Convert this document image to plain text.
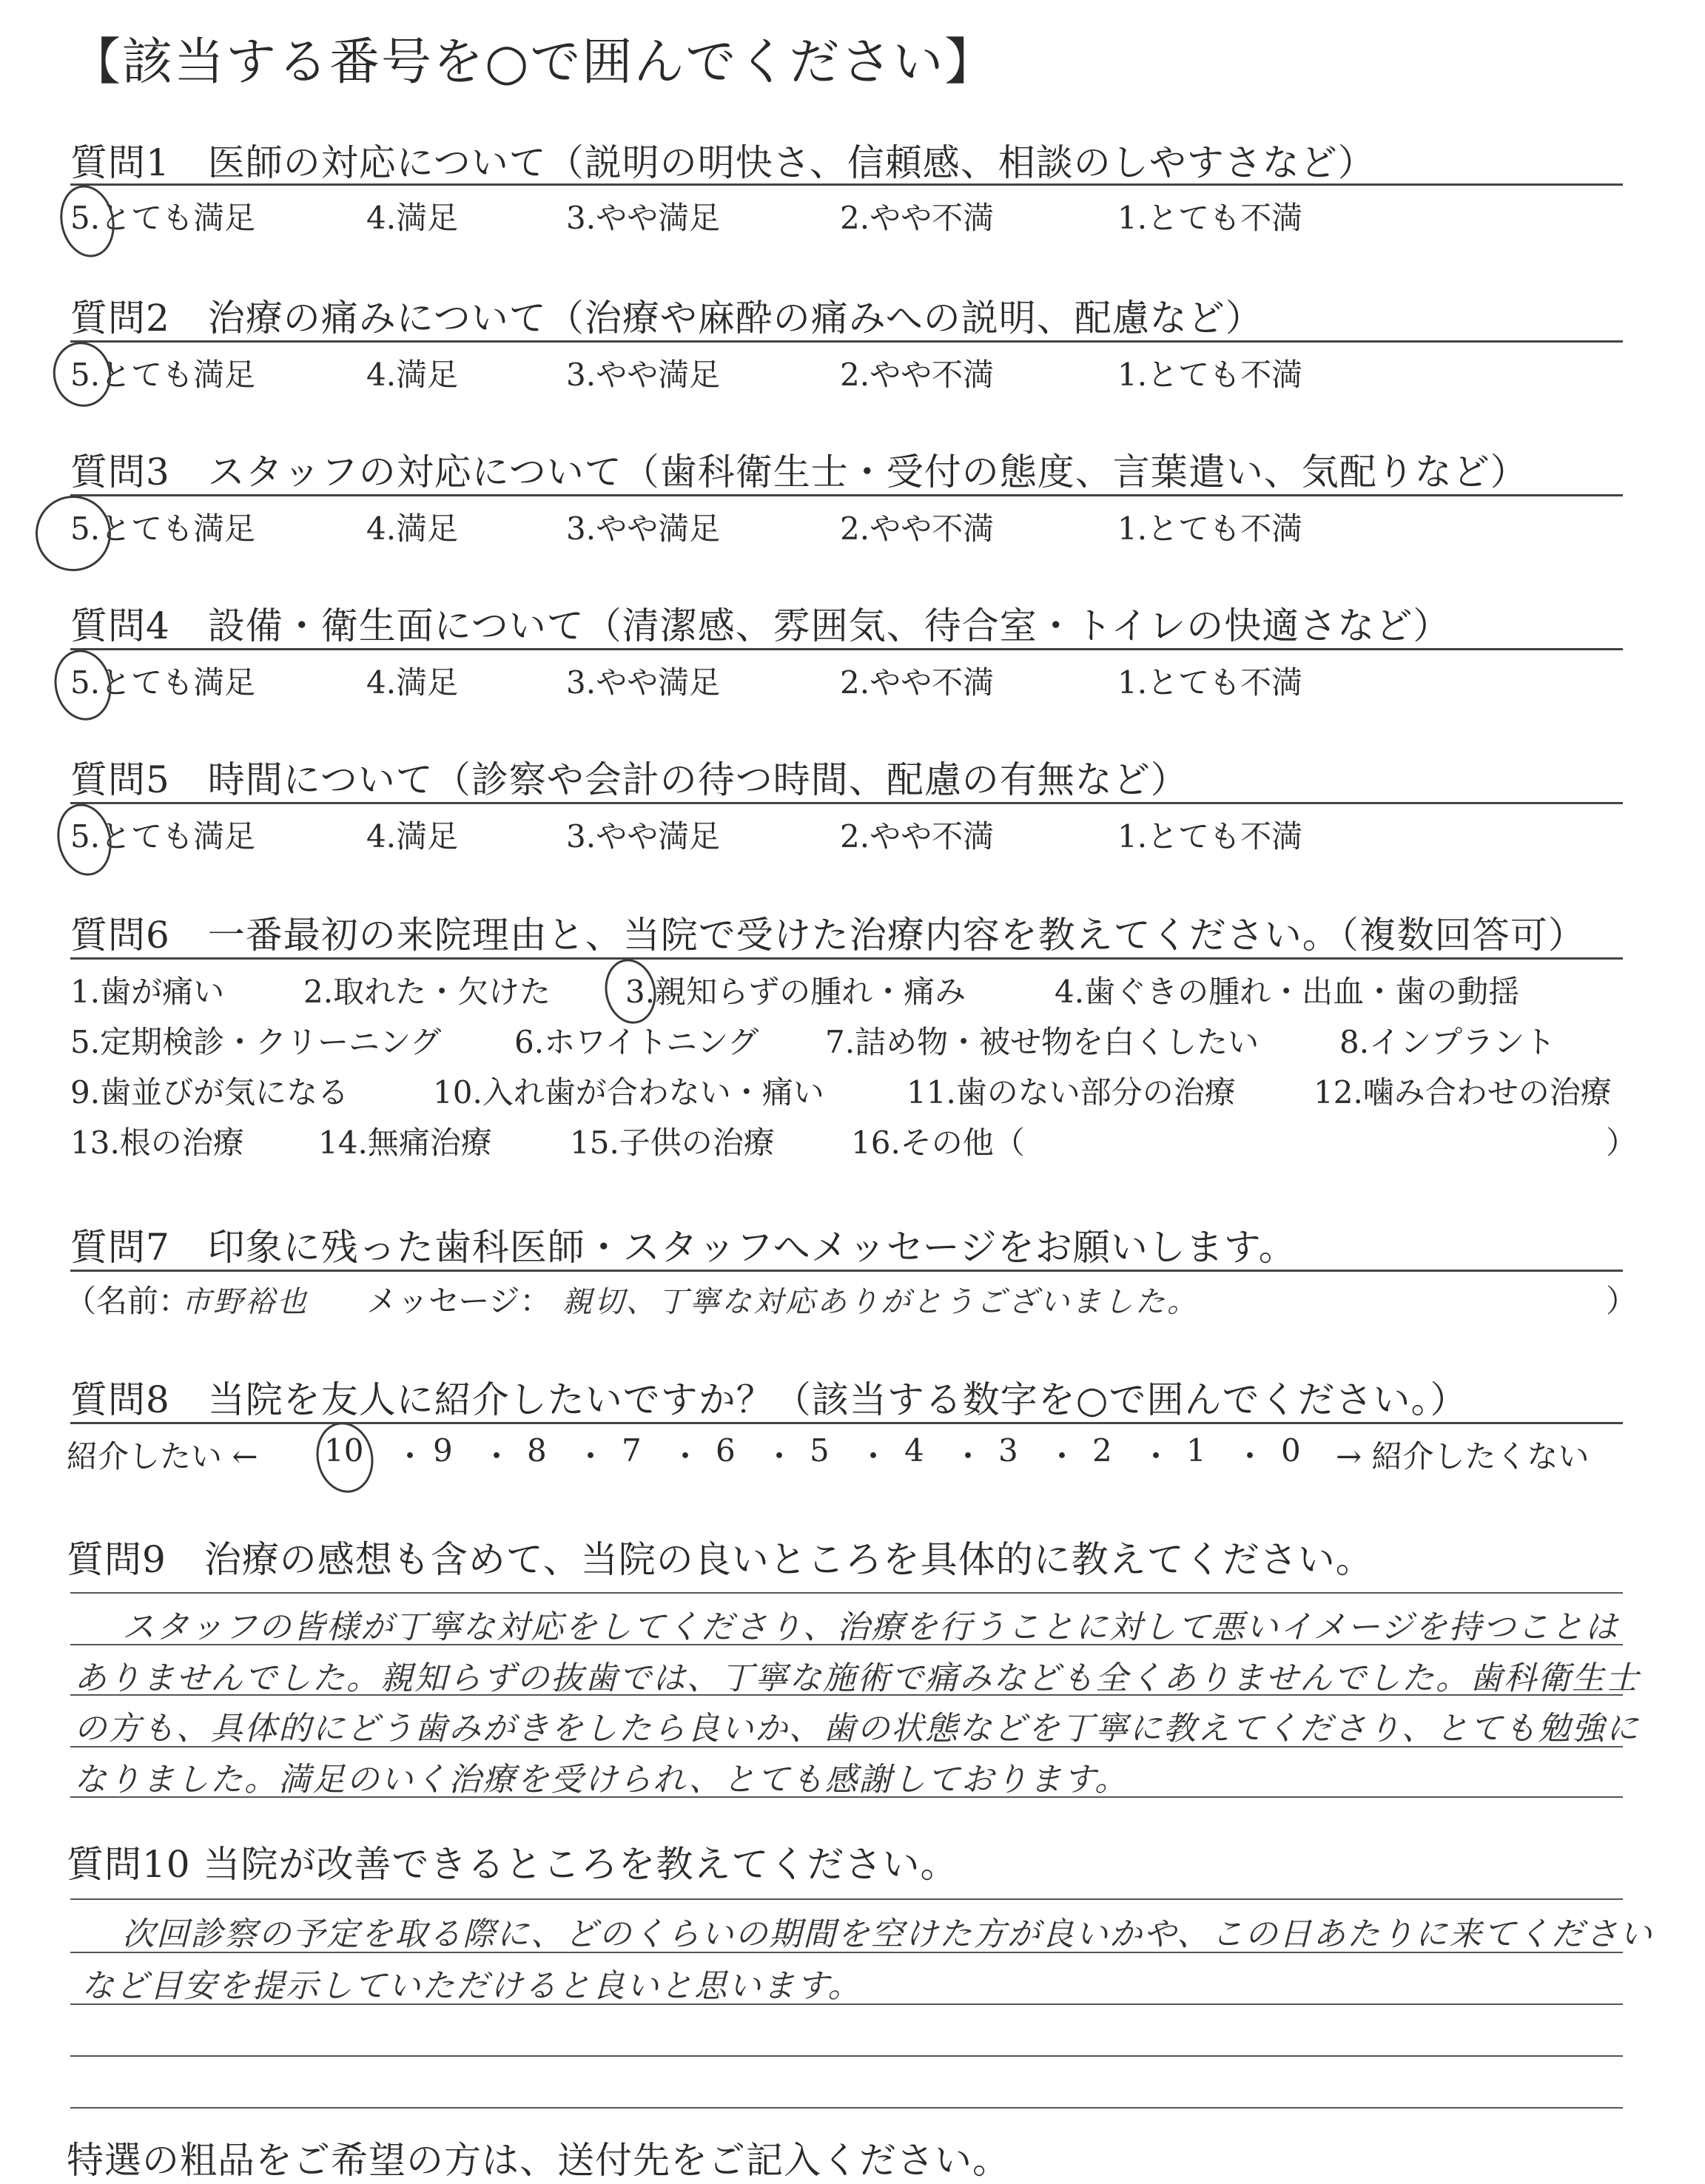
【該当する番号を○で囲んでください】
質問1　医師の対応について（説明の明快さ、信頼感、相談のしやすさなど）
5.とても満足	4.満足	3.やや満足	2.やや不満	1.とても不満
質問2　治療の痛みについて（治療や麻酔の痛みへの説明、配慮など）
5.とても満足	4.満足	3.やや満足	2.やや不満	1.とても不満
質問3　スタッフの対応について（歯科衛生士・受付の態度、言葉遣い、気配りなど）
5.とても満足	4.満足	3.やや満足	2.やや不満	1.とても不満
質問4　設備・衛生面について（清潔感、雰囲気、待合室・トイレの快適さなど）
5.とても満足	4.満足	3.やや満足	2.やや不満	1.とても不満
質問5　時間について（診察や会計の待つ時間、配慮の有無など）
5.とても満足	4.満足	3.やや満足	2.やや不満	1.とても不満
質問6　一番最初の来院理由と、当院で受けた治療内容を教えてください。（複数回答可）
1.歯が痛い	2.取れた・欠けた 3.親知らずの腫れ・痛み	4.歯ぐきの腫れ・出血・歯の動揺
5.定期検診・クリーニング 6.ホワイトニング 7.詰め物・被せ物を白くしたい	8.インプラント
9.歯並びが気になる	10.入れ歯が合わない・痛い	11.歯のない部分の治療	12.噛み合わせの治療
13.根の治療 14.無痛治療	15.子供の治療 16.その他（	）
質問7　印象に残った歯科医師・スタッフへメッセージをお願いします。
（名前：
市野裕也 メッセージ： 親切、丁寧な対応ありがとうございました。	）
質問8　当院を友人に紹介したいですか？（該当する数字を○で囲んでください。）
紹介したい ← 10 ・ 9 ・ 8 ・ 7 ・ 6 ・ 5 ・ 4 ・ 3 ・ 2 ・ 1 ・ 0 → 紹介したくない
質問9　治療の感想も含めて、当院の良いところを具体的に教えてください。
スタッフの皆様が丁寧な対応をしてくださり、治療を行うことに対して悪いイメージを持つことは
ありませんでした。親知らずの抜歯では、丁寧な施術で痛みなども全くありませんでした。歯科衛生士
の方も、具体的にどう歯みがきをしたら良いか、歯の状態などを丁寧に教えてくださり、とても勉強に
なりました。満足のいく治療を受けられ、とても感謝しております。
質問10 当院が改善できるところを教えてください。
次回診察の予定を取る際に、どのくらいの期間を空けた方が良いかや、この日あたりに来てください
など目安を提示していただけると良いと思います。
特選の粗品をご希望の方は、送付先をご記入ください。
